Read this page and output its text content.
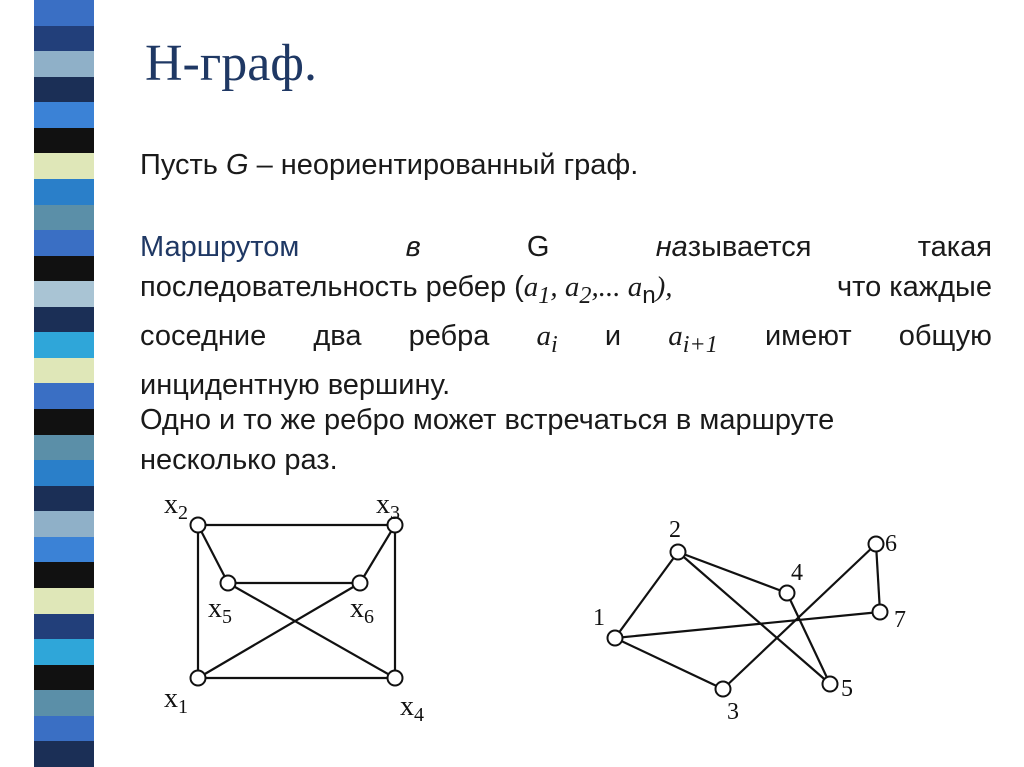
Н-граф.
Пусть G – неориентированный граф.
Маршрутом	в	G	называется	такая
последовательность ребер ($a_1$, $a_2$,... $a_n$),	что каждые
соседние два ребра $a_i$ и $a_{i+1}$ имеют общую
инцидентную вершину.
Одно и то же ребро может встречаться в маршруте
несколько раз.
$x_1$
$x_2$	$x_3$
$x_4$
$x_5$	$x_6$	1
2
3
4
5
6
7
